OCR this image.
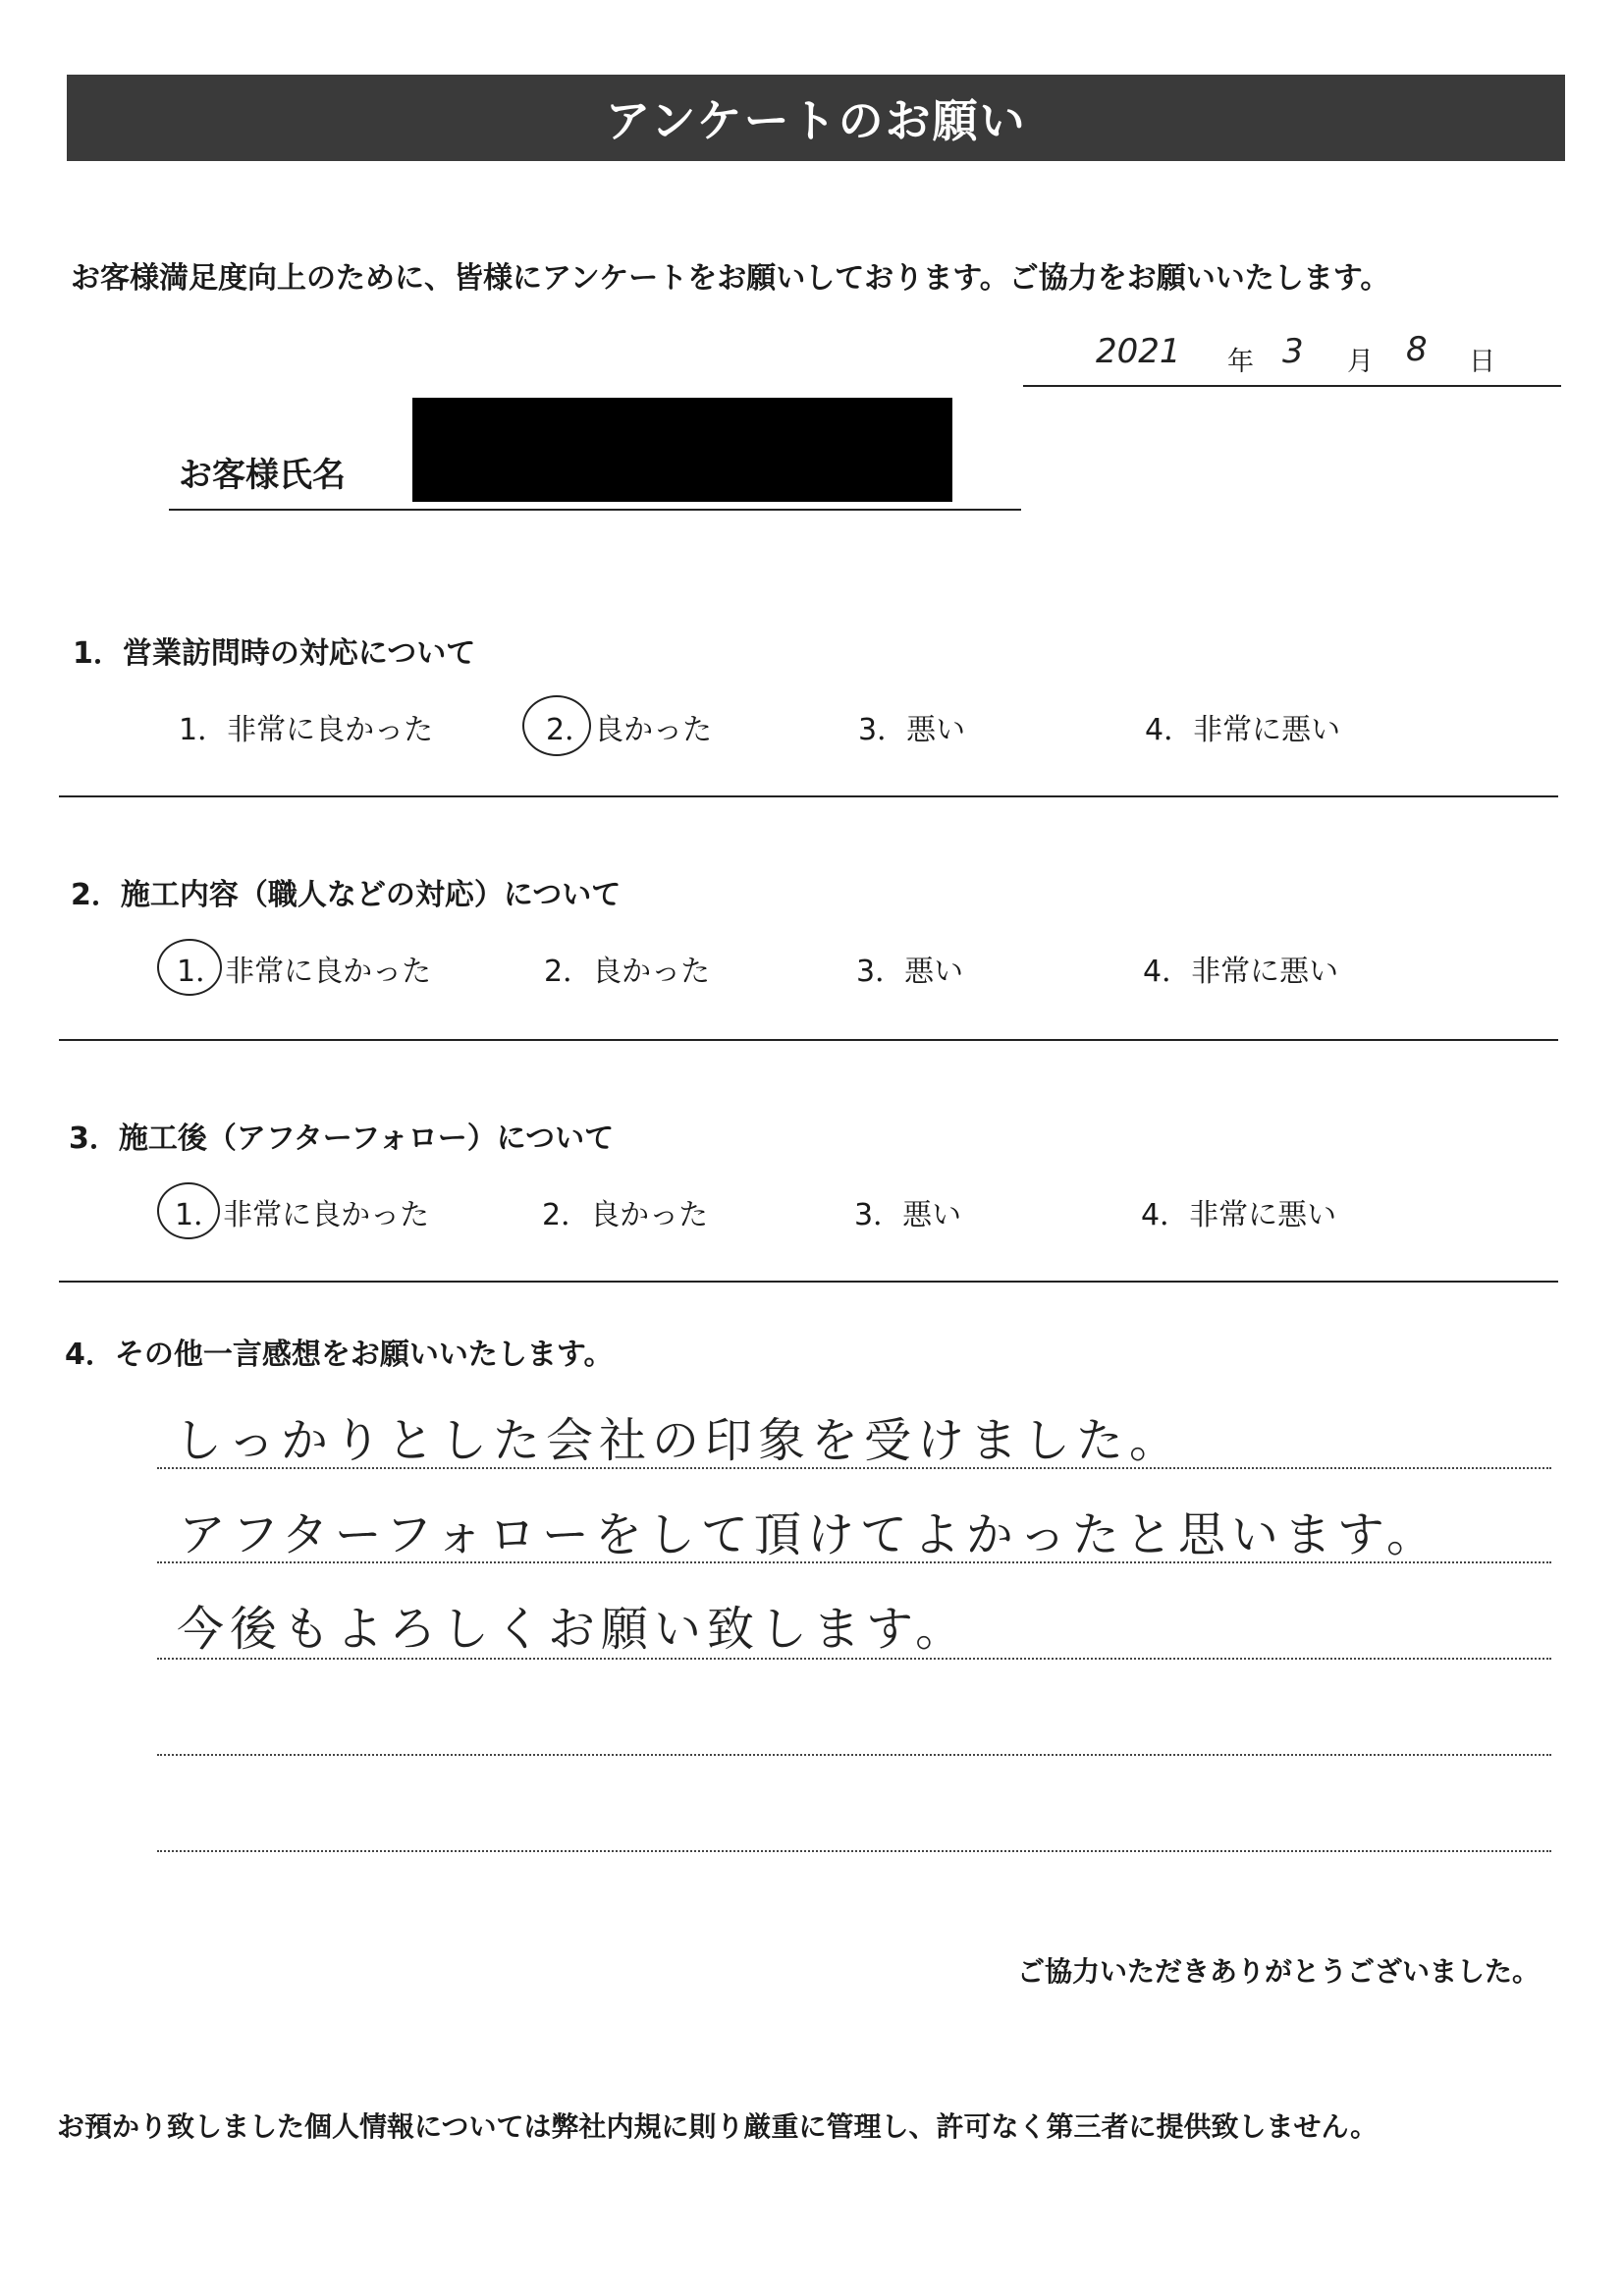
アンケートのお願い
お客様満足度向上のために、皆様にアンケートをお願いしております。ご協力をお願いいたします。
2021 年 3 月 8 日
お客様氏名
1．営業訪問時の対応について
1．非常に良かった	2．良かった	3．悪い	4．非常に悪い
2．施工内容（職人などの対応）について
1．非常に良かった	2．良かった	3．悪い	4．非常に悪い
3．施工後（アフターフォロー）について
1．非常に良かった	2．良かった	3．悪い	4．非常に悪い
4．その他一言感想をお願いいたします。
しっかりとした会社の印象を受けました。
アフターフォローをして頂けてよかったと思います。
今後もよろしくお願い致します。
ご協力いただきありがとうございました。
お預かり致しました個人情報については弊社内規に則り厳重に管理し、許可なく第三者に提供致しません。
